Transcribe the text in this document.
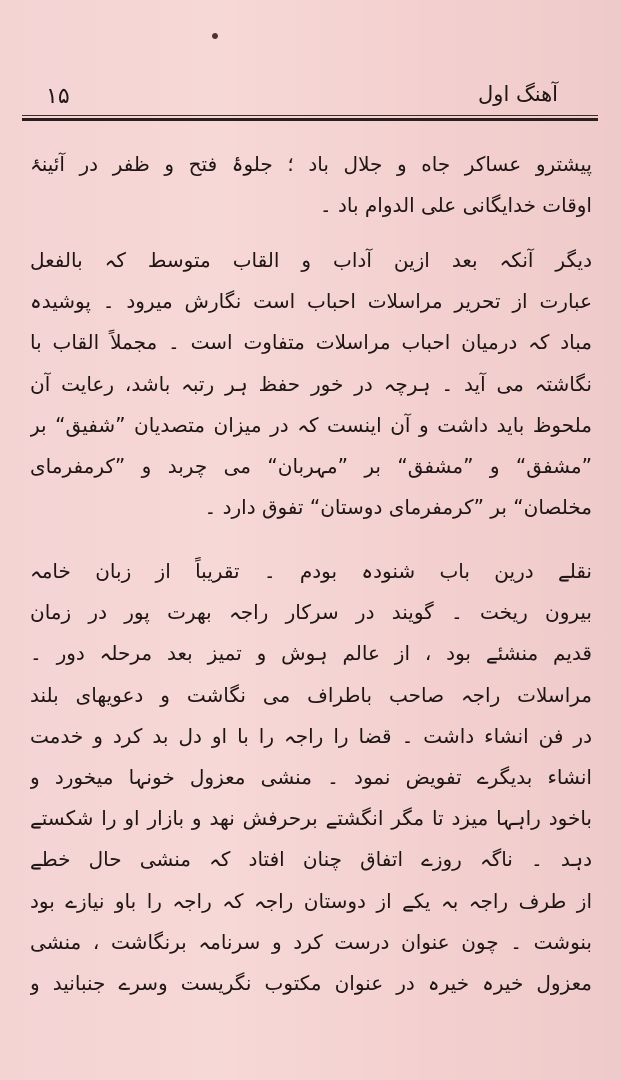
۱۵	آهنگ اول
پیشترو عساکر جاه و جلال باد ؛ جلوۂ فتح و ظفر در آئینۂ
اوقات خدایگانی علی الدوام باد ۔
دیگر آنکہ بعد ازین آداب و القاب متوسط کہ بالفعل
عبارت از تحریر مراسلات احباب است نگارش میرود ۔ پوشیدہ
مباد کہ درمیان احباب مراسلات متفاوت است ۔ مجملاً القاب با
نگاشتہ می آید ۔ ہرچہ در خور حفظ ہر رتبہ باشد، رعایت آن
ملحوظ باید داشت و آن اینست کہ در میزان متصدیان ”شفیق“ بر
”مشفق“ و ”مشفق“ بر ”مہربان“ می چربد و ”کرمفرمای
مخلصان“ بر ”کرمفرمای دوستان“ تفوق دارد ۔
نقلے درین باب شنودہ بودم ۔ تقریباً از زبان خامہ
بیرون ریخت ۔ گویند در سرکار راجہ بھرت پور در زمان
قدیم منشئے بود ، از عالم ہوش و تمیز بعد مرحلہ دور ۔
مراسلات راجہ صاحب باطراف می نگاشت و دعویهای بلند
در فن انشاء داشت ۔ قضا را راجہ را با او دل بد کرد و خدمت
انشاء بدیگرے تفویض نمود ۔ منشی معزول خونہا میخورد و
باخود راہہا میزد تا مگر انگشتے برحرفش نهد و بازار او را شکستے
دہد ۔ ناگہ روزے اتفاق چنان افتاد کہ منشی حال خطے
از طرف راجہ بہ یکے از دوستان راجہ کہ راجہ را باو نیازے بود
بنوشت ۔ چون عنوان درست کرد و سرنامہ برنگاشت ، منشی
معزول خیرہ خیرہ در عنوان مکتوب نگریست وسرے جنبانید و
